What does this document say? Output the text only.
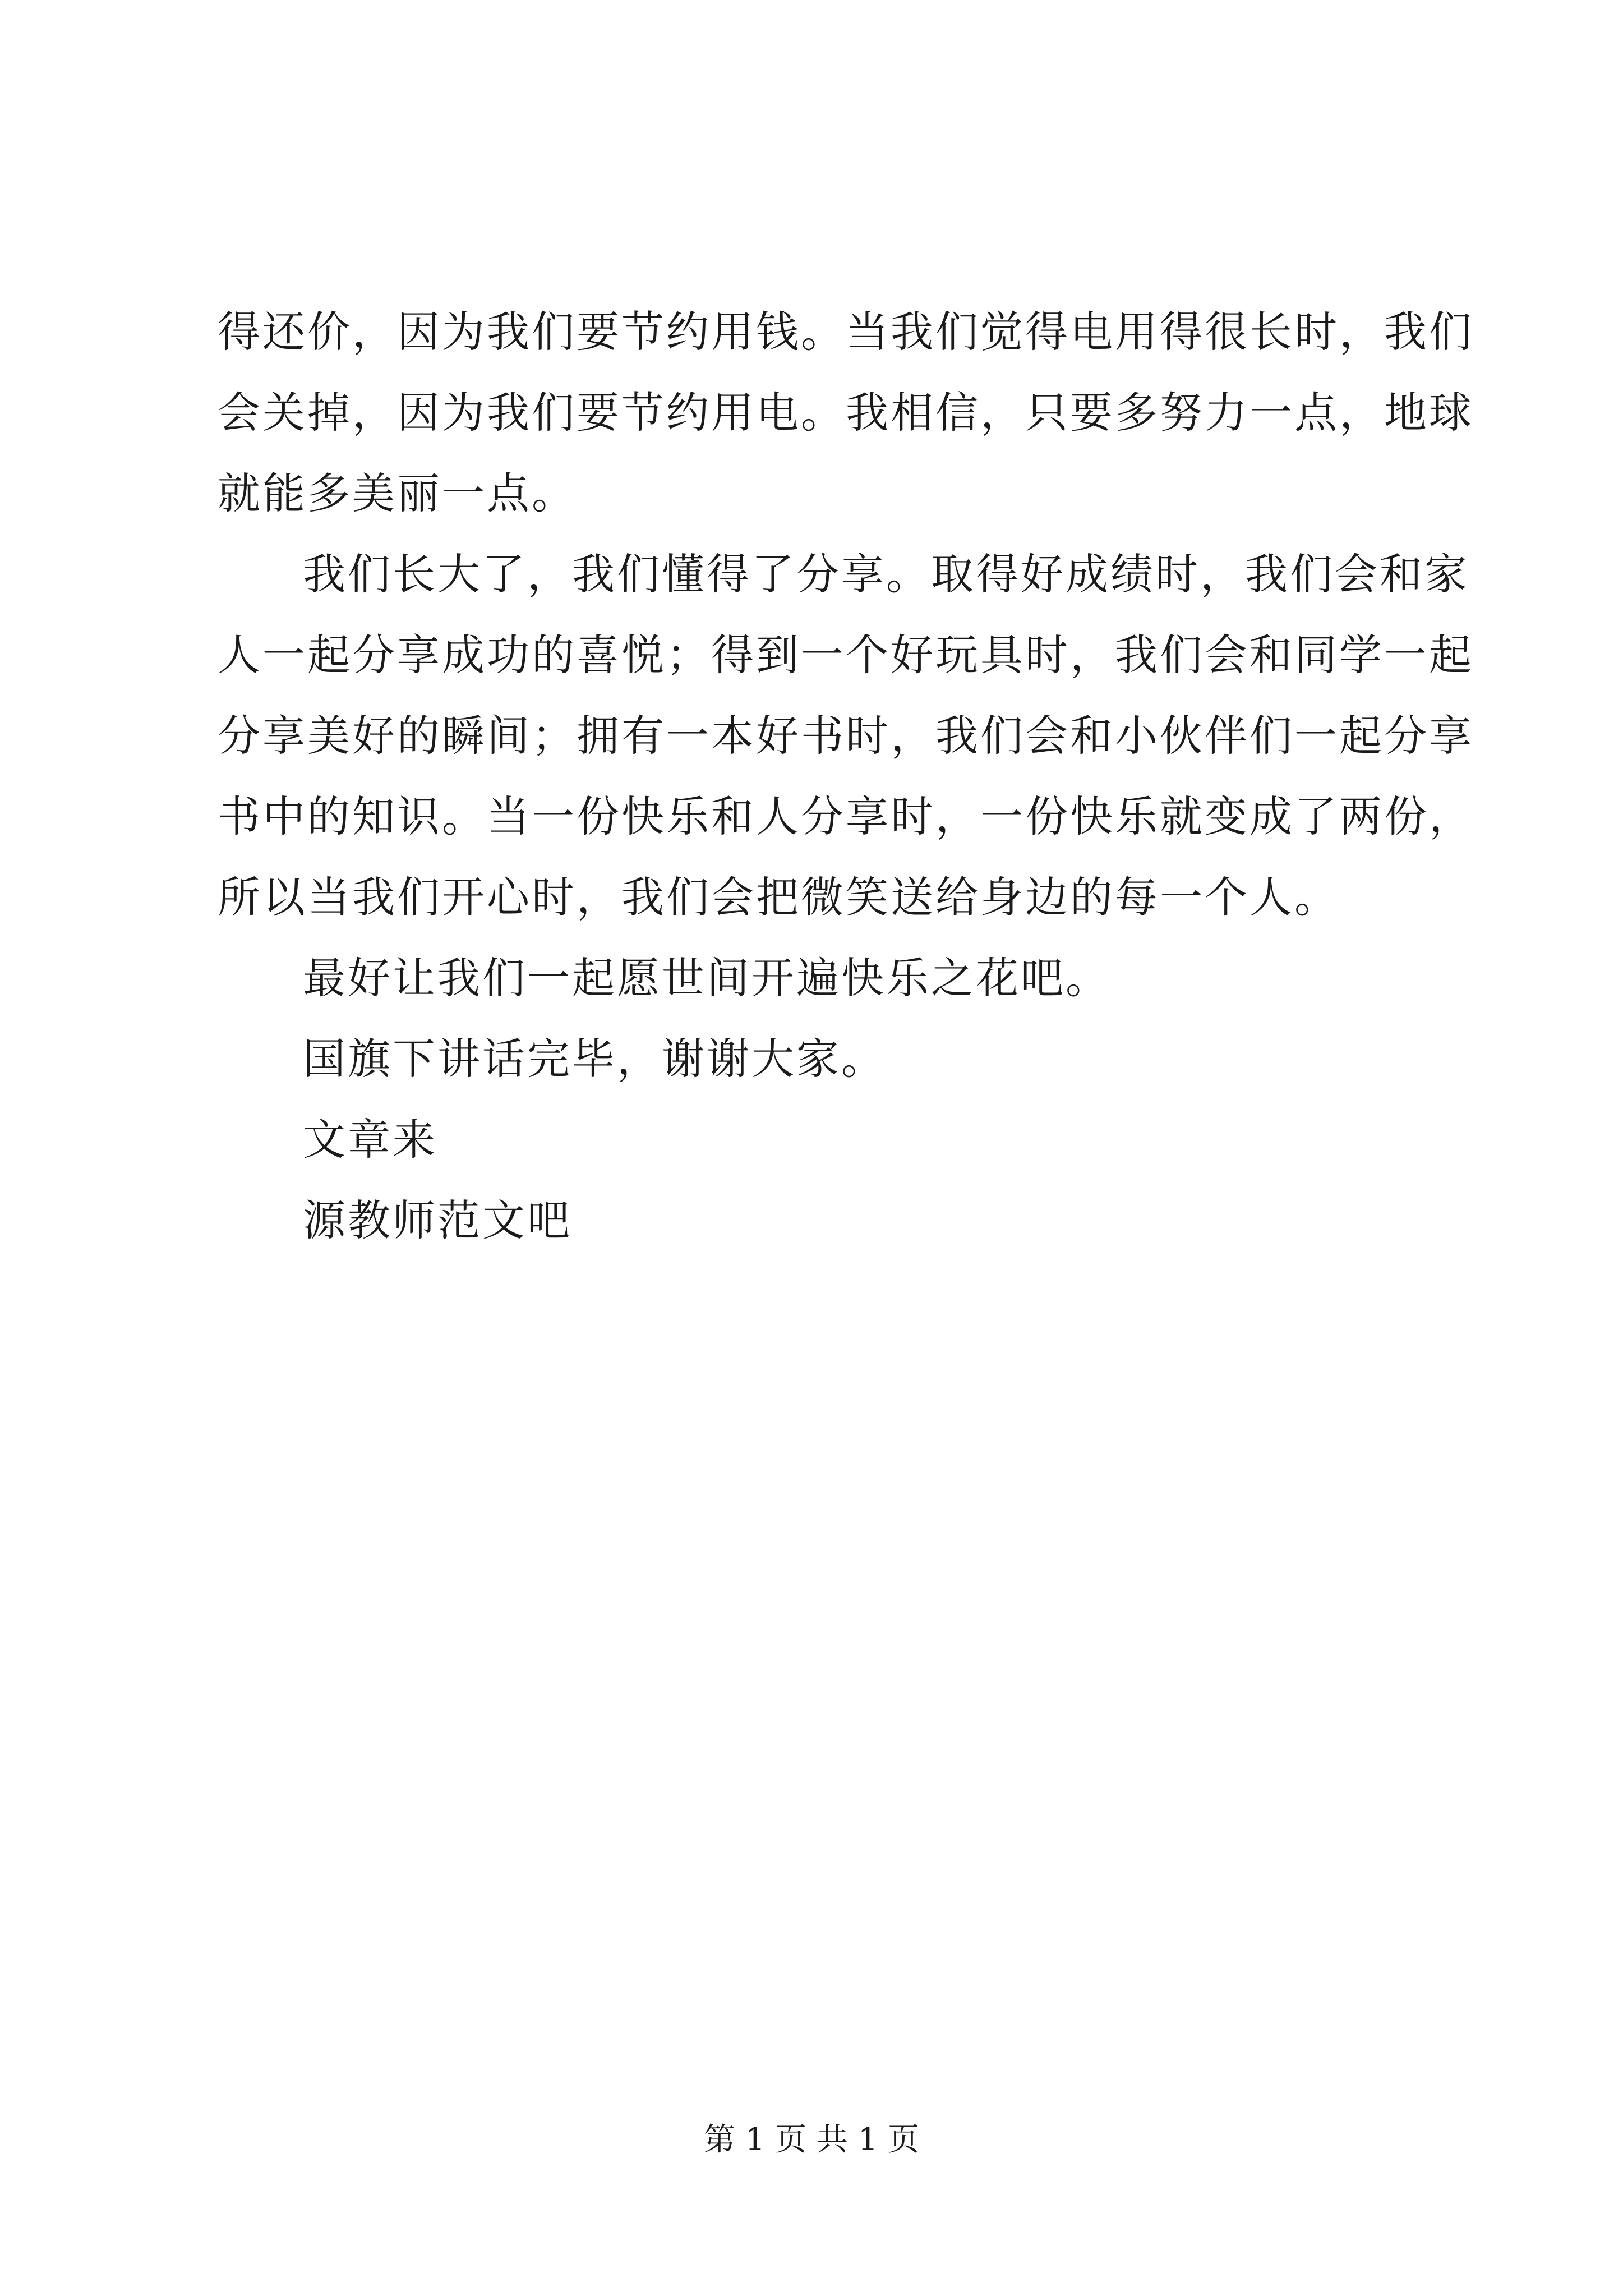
得还价，因为我们要节约用钱。当我们觉得电用得很长时，我们
会关掉，因为我们要节约用电。我相信，只要多努力一点，地球
就能多美丽一点。
我们长大了，我们懂得了分享。取得好成绩时，我们会和家
人一起分享成功的喜悦；得到一个好玩具时，我们会和同学一起
分享美好的瞬间；拥有一本好书时，我们会和小伙伴们一起分享
书中的知识。当一份快乐和人分享时，一份快乐就变成了两份，
所以当我们开心时，我们会把微笑送给身边的每一个人。
最好让我们一起愿世间开遍快乐之花吧。
国旗下讲话完毕，谢谢大家。
文章来
源教师范文吧
第 1 页 共 1 页
